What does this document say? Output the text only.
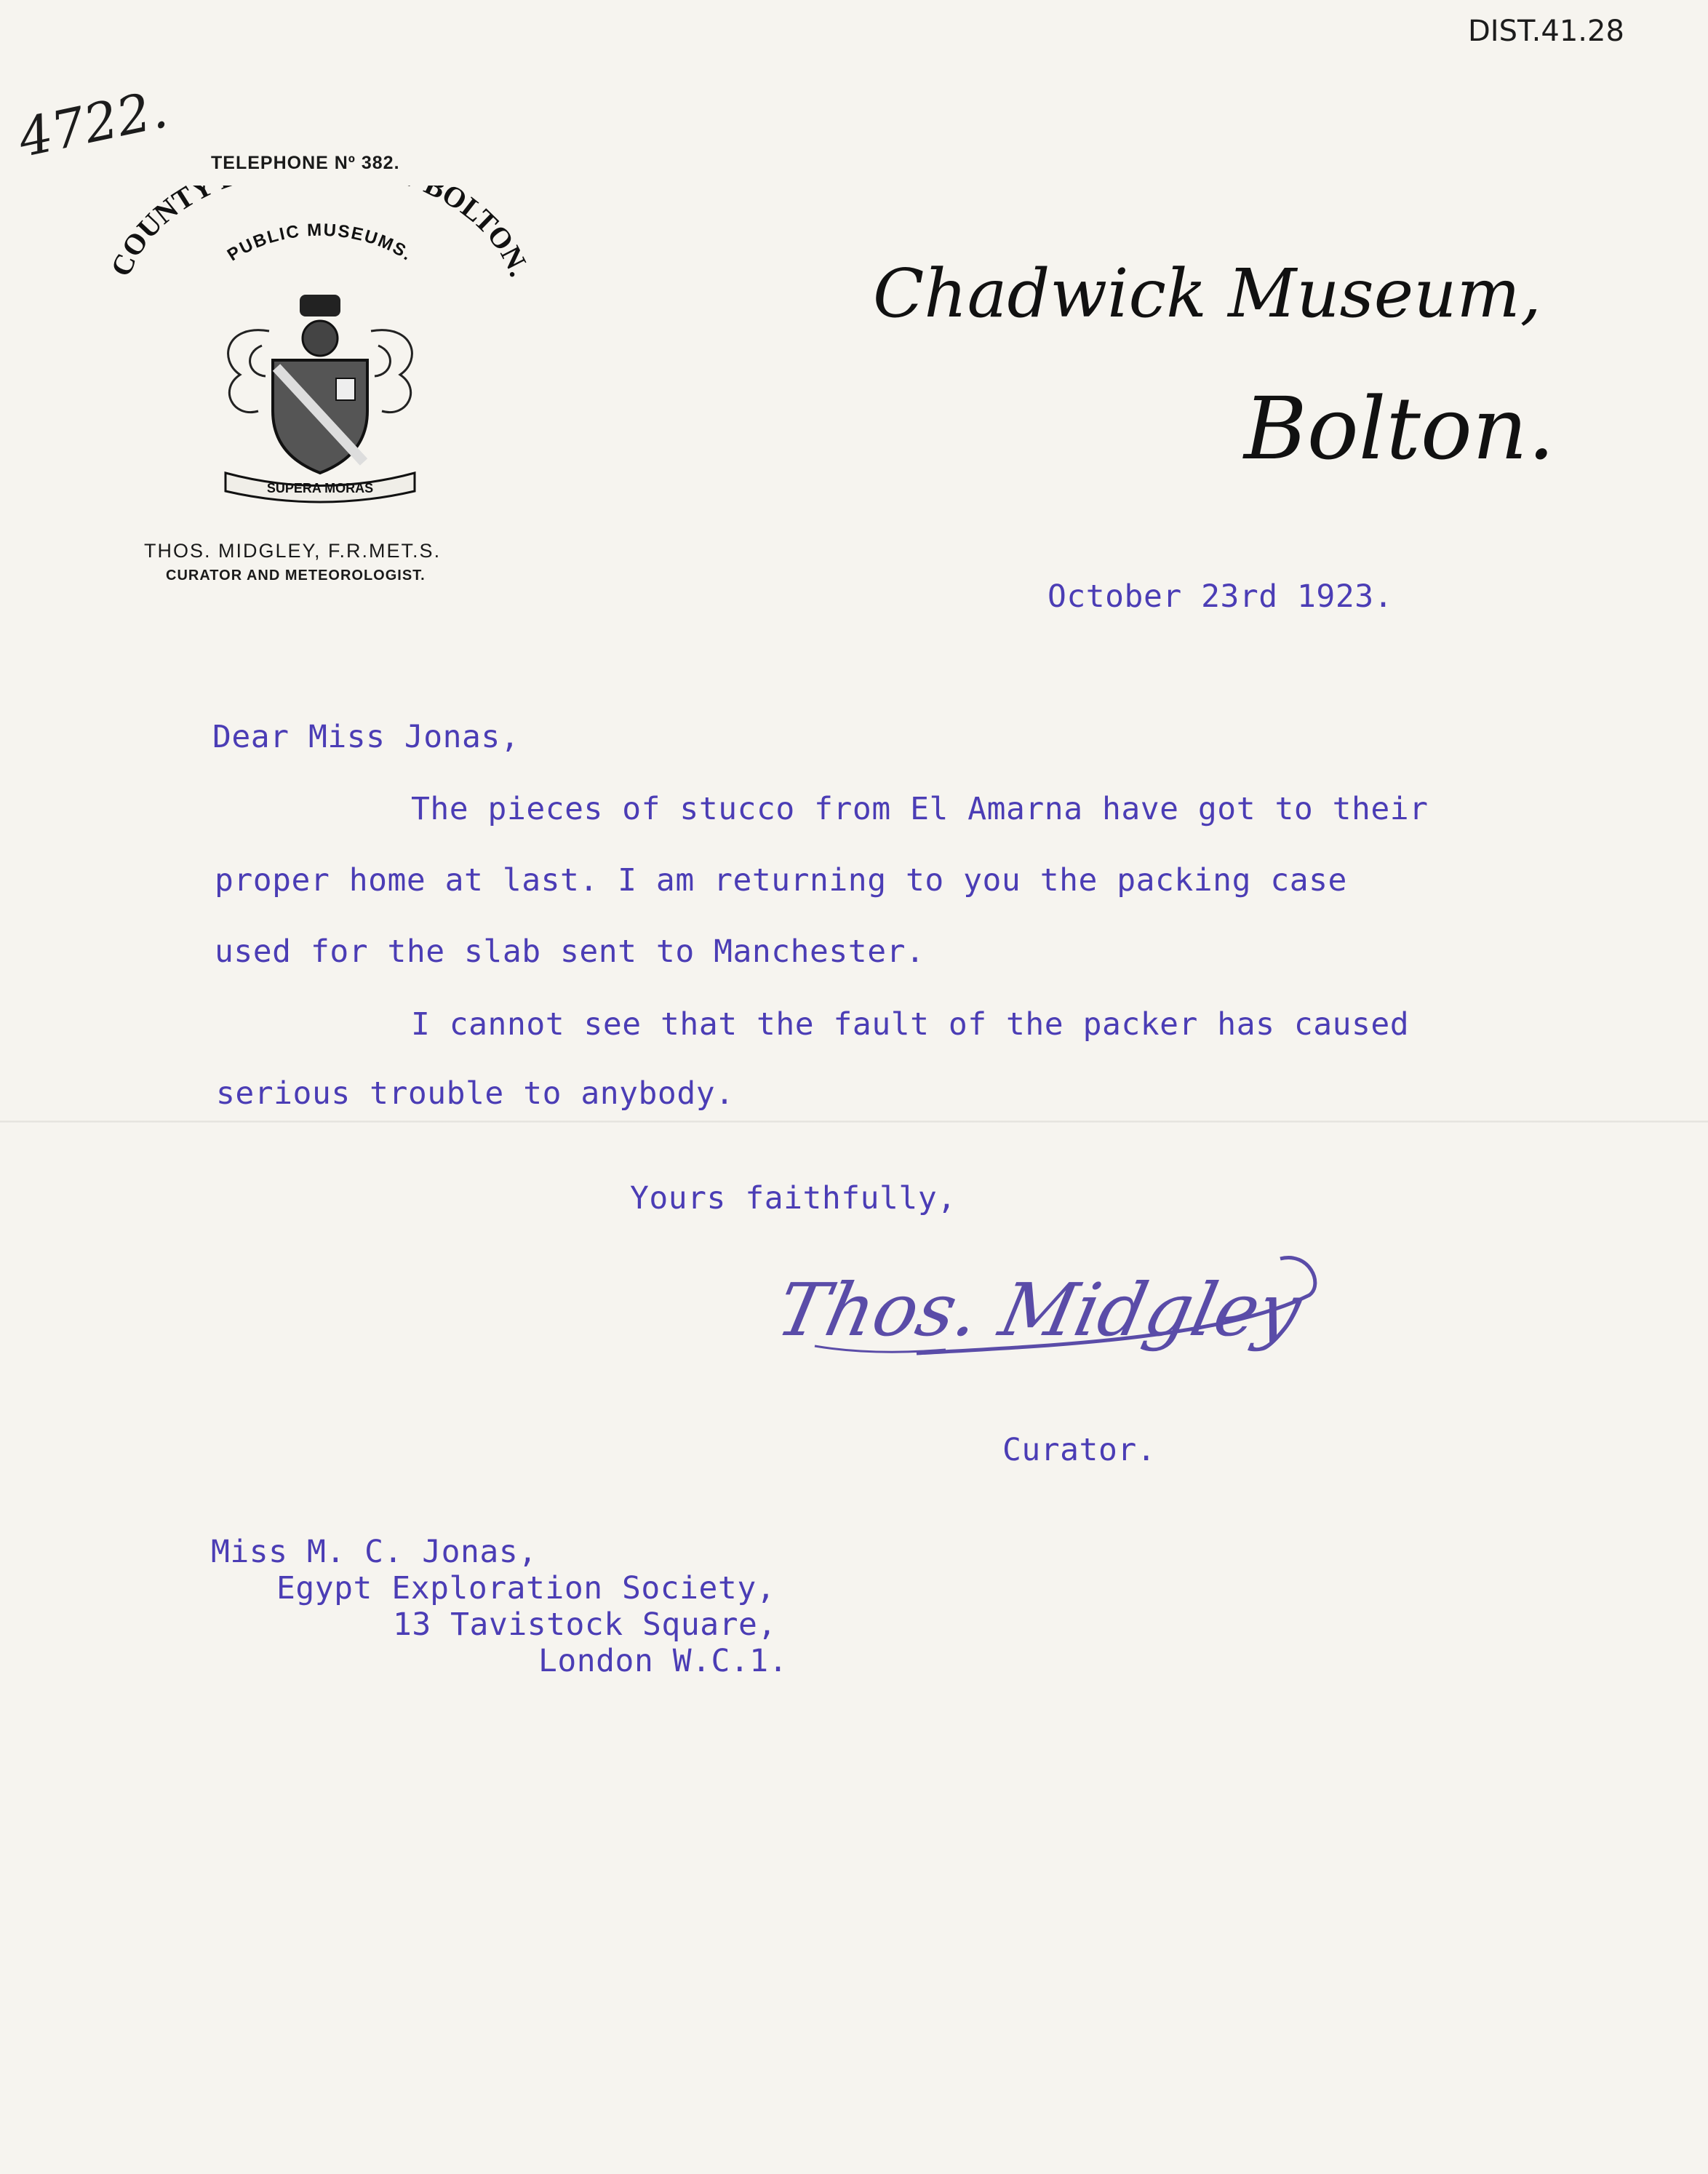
4722.
DIST.41.28
TELEPHONE Nº 382.
COUNTY BOLTON.
PUBLIC MUSEUMS.
SUPERA MORAS
THOS. MIDGLEY, F.R.MET.S.
CURATOR AND METEOROLOGIST.
Chadwick Museum,
Bolton.
October 23rd 1923.
Dear Miss Jonas,
The pieces of stucco from El Amarna have got to their
proper home at last. I am returning to you the packing case
used for the slab sent to Manchester.
I cannot see that the fault of the packer has caused
serious trouble to anybody.
Yours faithfully,
Thos. Midgley
Curator.
Miss M. C. Jonas,
Egypt Exploration Society,
13 Tavistock Square,
London W.C.1.
